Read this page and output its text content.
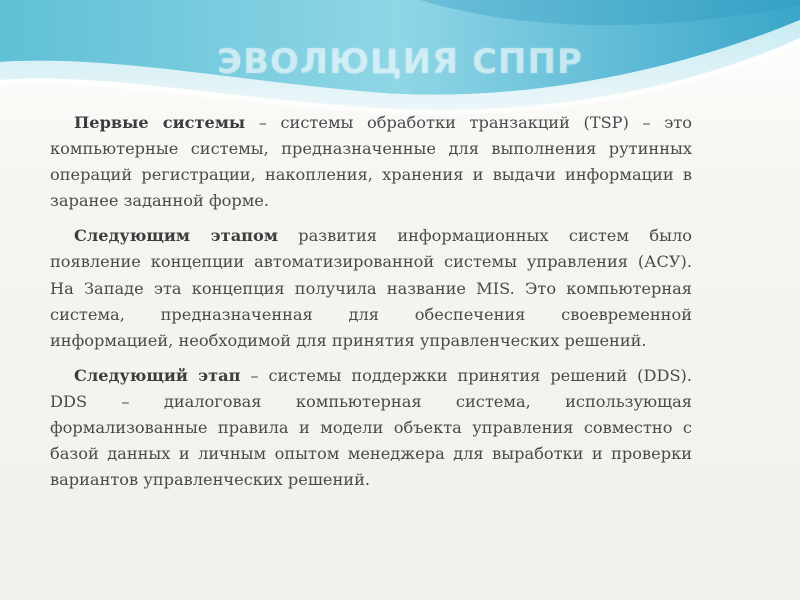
ЭВОЛЮЦИЯ СППР

Первые системы – системы обработки транзакций (TSP) – это компьютерные системы, предназначенные для выполнения рутинных операций регистрации, накопления, хранения и выдачи информации в заранее заданной форме.

Следующим этапом развития информационных систем было появление концепции автоматизированной системы управления (АСУ). На Западе эта концепция получила название MIS. Это компьютерная система, предназначенная для обеспечения своевременной информацией, необходимой для принятия управленческих решений.

Следующий этап – системы поддержки принятия решений (DDS). DDS – диалоговая компьютерная система, использующая формализованные правила и модели объекта управления совместно с базой данных и личным опытом менеджера для выработки и проверки вариантов управленческих решений.
